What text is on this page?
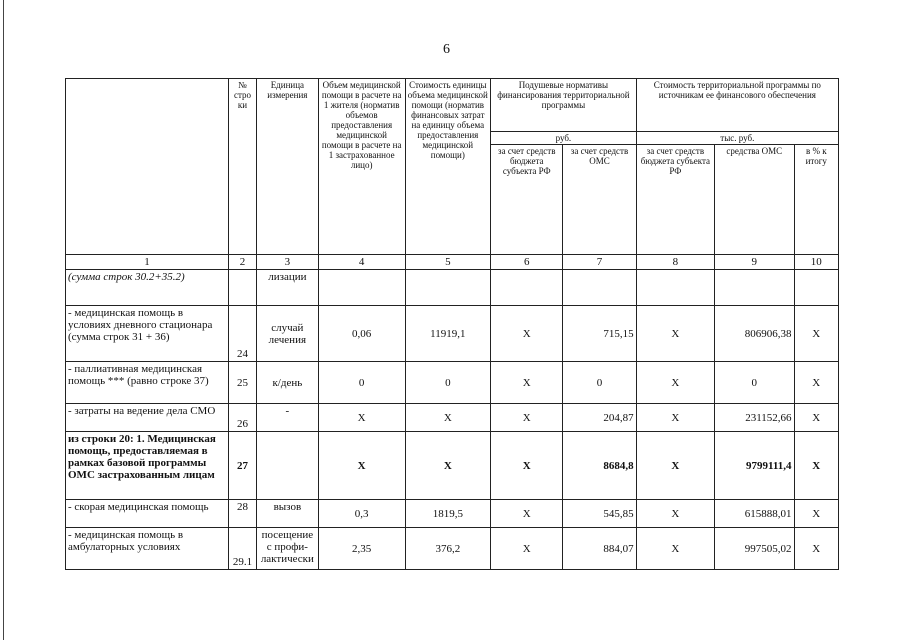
6
	№ стро ки	Единица измерения	Объем медицинской помощи в расчете на 1 жителя (норматив объемов предоставления медицинской помощи в расчете на 1 застрахованное лицо)	Стоимость единицы объема медицинской помощи (норматив финансовых затрат на единицу объема предоставления медицинской помощи)	Подушевые нормативы финансирования территориальной программы		Стоимость территориальной программы по источникам ее финансового обеспечения		
					руб.		тыс. руб.		
					за счет средств бюджета субъекта РФ	за счет средств ОМС	за счет средств бюджета субъекта РФ	средства ОМС	в % к итогу
1	2	3	4	5	6	7	8	9	10
(сумма строк 30.2+35.2)		лизации							
- медицинская помощь в условиях дневного стационара (сумма строк 31 + 36)	24	случай лечения	0,06	11919,1	X	715,15	X	806906,38	X
- паллиативная медицинская помощь *** (равно строке 37)	25	к/день	0	0	X	0	X	0	X
- затраты на ведение дела СМО	26	-	X	X	X	204,87	X	231152,66	X
из строки 20: 1. Медицинская помощь, предоставляемая в рамках базовой программы ОМС застрахованным лицам	27		X	X	X	8684,8	X	9799111,4	X
- скорая медицинская помощь	28	вызов	0,3	1819,5	X	545,85	X	615888,01	X
- медицинская помощь в амбулаторных условиях	29.1	посещение с профи-лактически	2,35	376,2	X	884,07	X	997505,02	X
